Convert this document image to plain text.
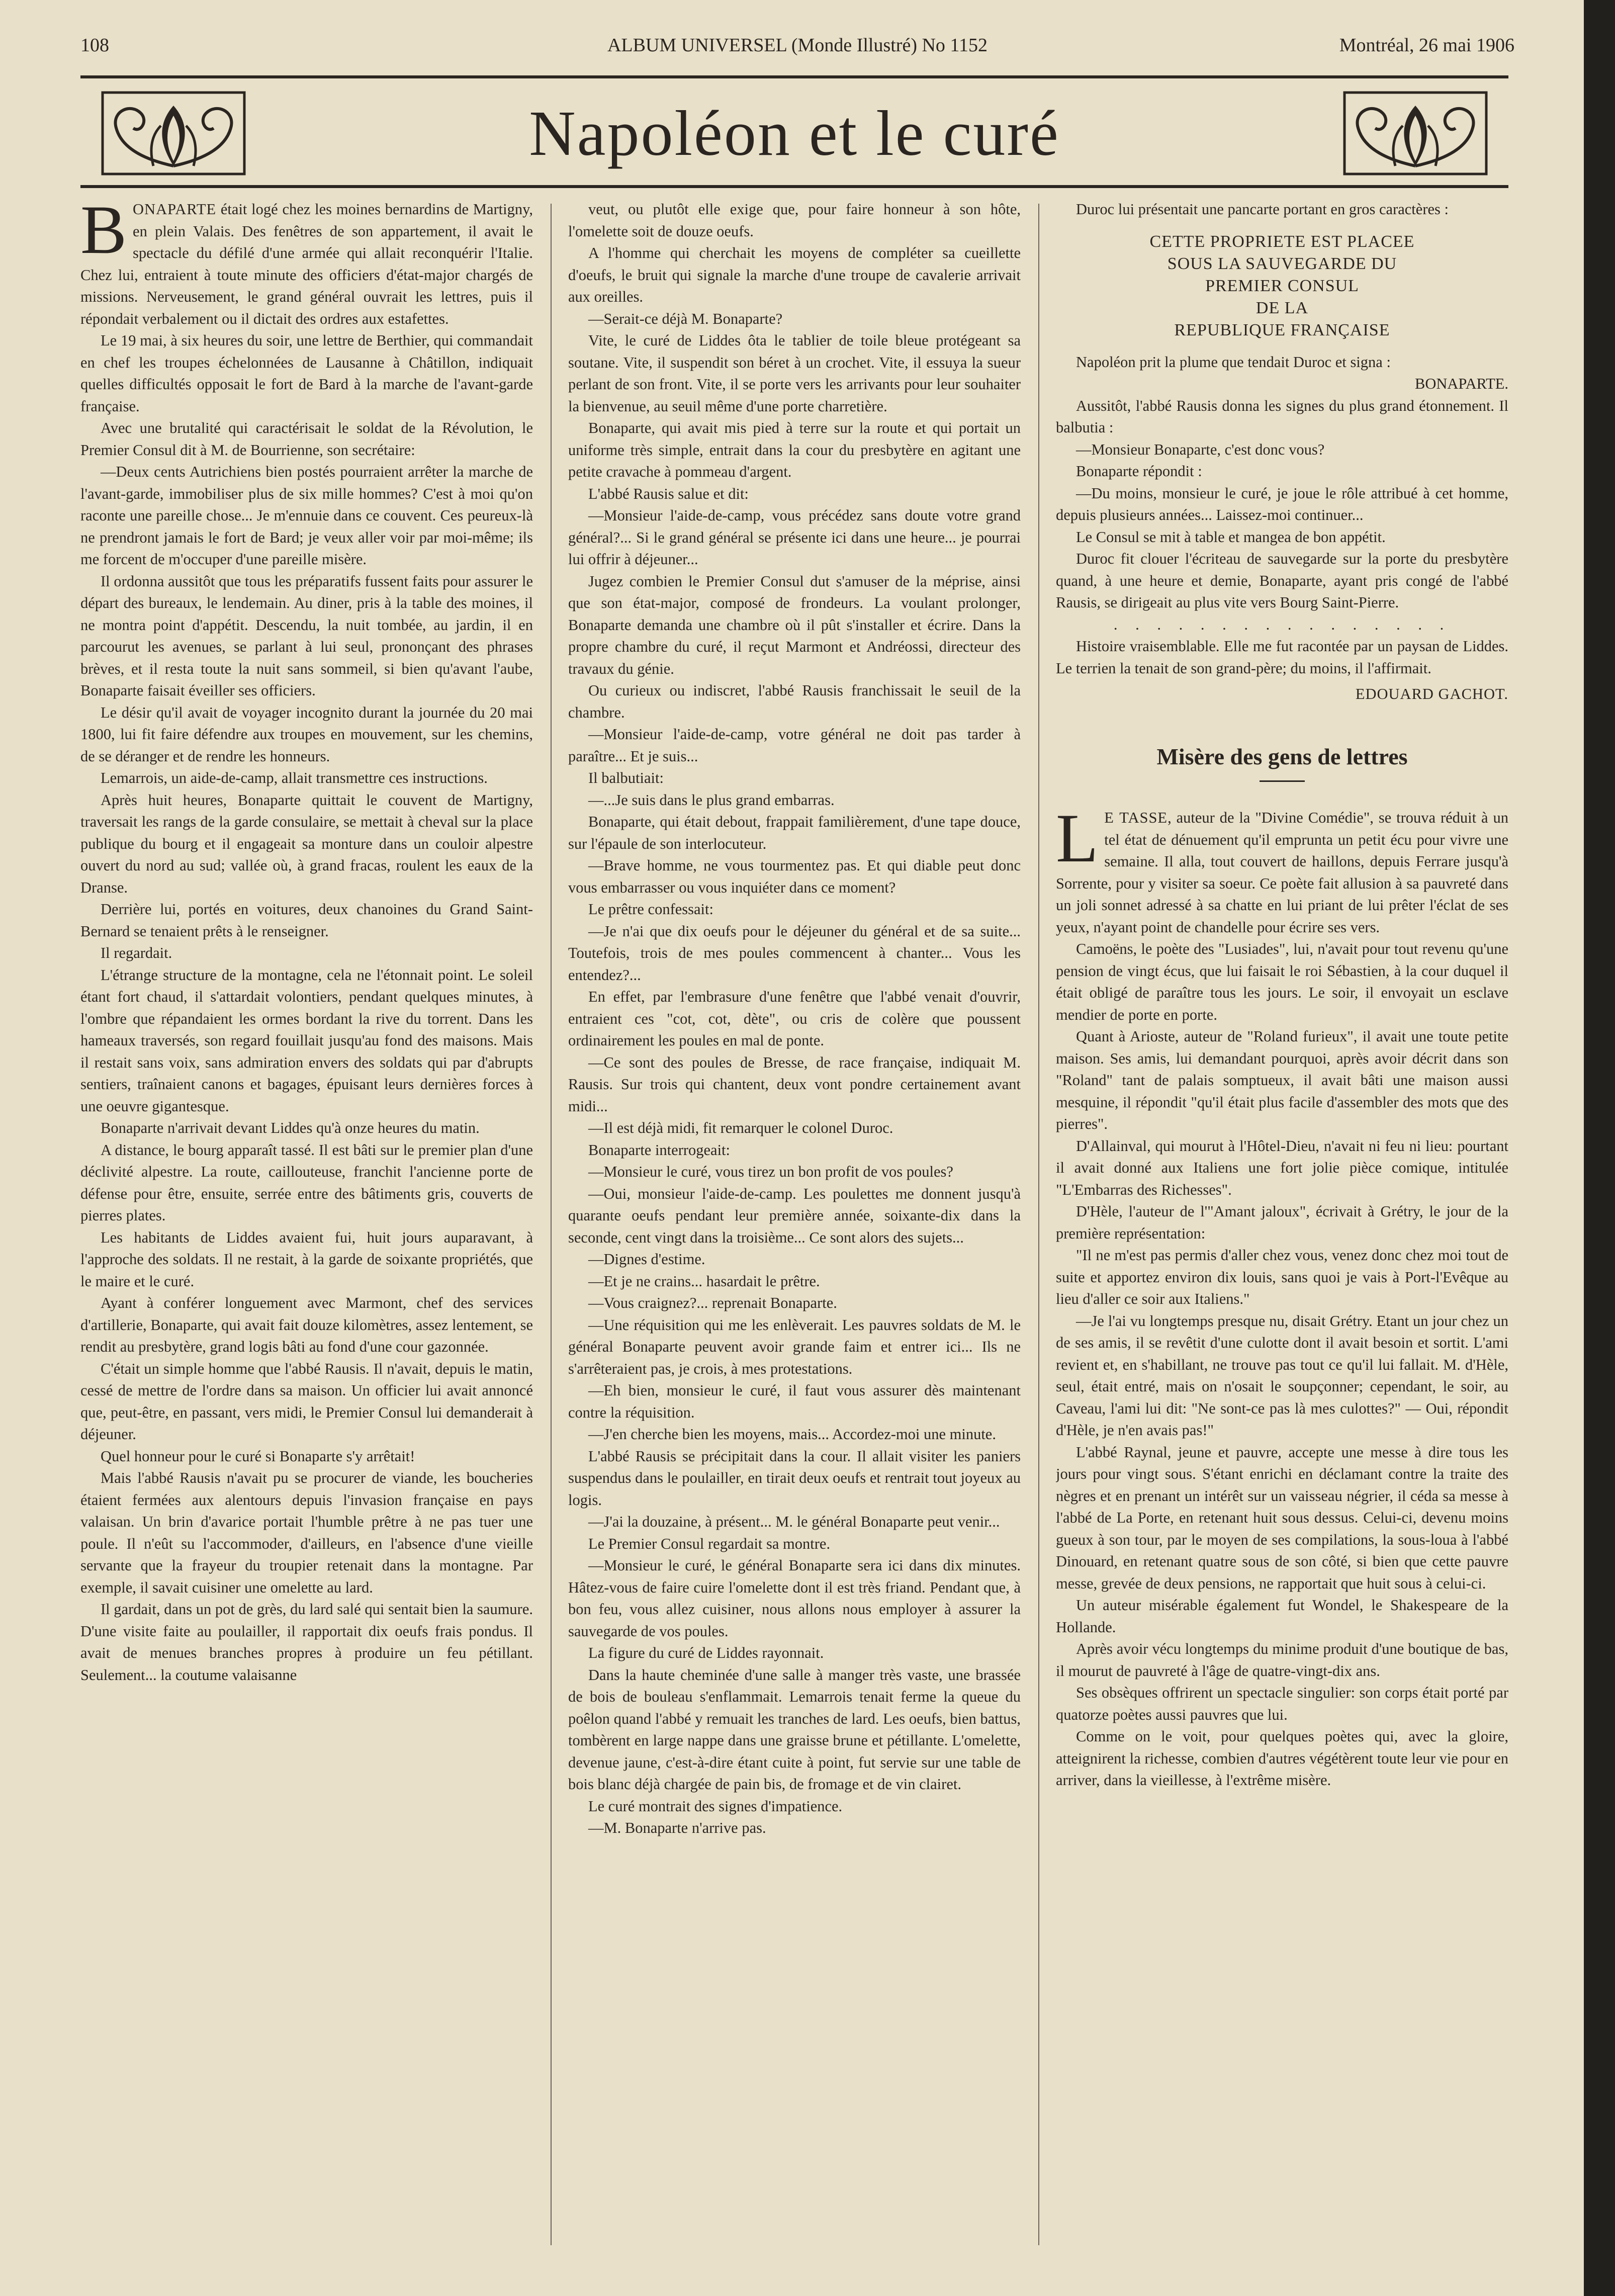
108	ALBUM UNIVERSEL (Monde Illustré) No 1152	Montréal, 26 mai 1906
Napoléon et le curé

BONAPARTE était logé chez les moines bernardins de Martigny, en plein Valais. Des fenêtres de son appartement, il avait le spectacle du défilé d'une armée qui allait reconquérir l'Italie. Chez lui, entraient à toute minute des officiers d'état-major chargés de missions. Nerveusement, le grand général ouvrait les lettres, puis il répondait verbalement ou il dictait des ordres aux estafettes.

Le 19 mai, à six heures du soir, une lettre de Berthier, qui commandait en chef les troupes échelonnées de Lausanne à Châtillon, indiquait quelles difficultés opposait le fort de Bard à la marche de l'avant-garde française.

Avec une brutalité qui caractérisait le soldat de la Révolution, le Premier Consul dit à M. de Bourrienne, son secrétaire:

—Deux cents Autrichiens bien postés pourraient arrêter la marche de l'avant-garde, immobiliser plus de six mille hommes? C'est à moi qu'on raconte une pareille chose... Je m'ennuie dans ce couvent. Ces peureux-là ne prendront jamais le fort de Bard; je veux aller voir par moi-même; ils me forcent de m'occuper d'une pareille misère.

Il ordonna aussitôt que tous les préparatifs fussent faits pour assurer le départ des bureaux, le lendemain. Au diner, pris à la table des moines, il ne montra point d'appétit. Descendu, la nuit tombée, au jardin, il en parcourut les avenues, se parlant à lui seul, prononçant des phrases brèves, et il resta toute la nuit sans sommeil, si bien qu'avant l'aube, Bonaparte faisait éveiller ses officiers.

Le désir qu'il avait de voyager incognito durant la journée du 20 mai 1800, lui fit faire défendre aux troupes en mouvement, sur les chemins, de se déranger et de rendre les honneurs.

Lemarrois, un aide-de-camp, allait transmettre ces instructions.

Après huit heures, Bonaparte quittait le couvent de Martigny, traversait les rangs de la garde consulaire, se mettait à cheval sur la place publique du bourg et il engageait sa monture dans un couloir alpestre ouvert du nord au sud; vallée où, à grand fracas, roulent les eaux de la Dranse.

Derrière lui, portés en voitures, deux chanoines du Grand Saint-Bernard se tenaient prêts à le renseigner.

Il regardait.

L'étrange structure de la montagne, cela ne l'étonnait point. Le soleil étant fort chaud, il s'attardait volontiers, pendant quelques minutes, à l'ombre que répandaient les ormes bordant la rive du torrent. Dans les hameaux traversés, son regard fouillait jusqu'au fond des maisons. Mais il restait sans voix, sans admiration envers des soldats qui par d'abrupts sentiers, traînaient canons et bagages, épuisant leurs dernières forces à une oeuvre gigantesque.

Bonaparte n'arrivait devant Liddes qu'à onze heures du matin.

A distance, le bourg apparaît tassé. Il est bâti sur le premier plan d'une déclivité alpestre. La route, caillouteuse, franchit l'ancienne porte de défense pour être, ensuite, serrée entre des bâtiments gris, couverts de pierres plates.

Les habitants de Liddes avaient fui, huit jours auparavant, à l'approche des soldats. Il ne restait, à la garde de soixante propriétés, que le maire et le curé.

Ayant à conférer longuement avec Marmont, chef des services d'artillerie, Bonaparte, qui avait fait douze kilomètres, assez lentement, se rendit au presbytère, grand logis bâti au fond d'une cour gazonnée.

C'était un simple homme que l'abbé Rausis. Il n'avait, depuis le matin, cessé de mettre de l'ordre dans sa maison. Un officier lui avait annoncé que, peut-être, en passant, vers midi, le Premier Consul lui demanderait à déjeuner.

Quel honneur pour le curé si Bonaparte s'y arrêtait!

Mais l'abbé Rausis n'avait pu se procurer de viande, les boucheries étaient fermées aux alentours depuis l'invasion française en pays valaisan. Un brin d'avarice portait l'humble prêtre à ne pas tuer une poule. Il n'eût su l'accommoder, d'ailleurs, en l'absence d'une vieille servante que la frayeur du troupier retenait dans la montagne. Par exemple, il savait cuisiner une omelette au lard.

Il gardait, dans un pot de grès, du lard salé qui sentait bien la saumure. D'une visite faite au poulailler, il rapportait dix oeufs frais pondus. Il avait de menues branches propres à produire un feu pétillant. Seulement... la coutume valaisanne

veut, ou plutôt elle exige que, pour faire honneur à son hôte, l'omelette soit de douze oeufs.

A l'homme qui cherchait les moyens de compléter sa cueillette d'oeufs, le bruit qui signale la marche d'une troupe de cavalerie arrivait aux oreilles.

—Serait-ce déjà M. Bonaparte?

Vite, le curé de Liddes ôta le tablier de toile bleue protégeant sa soutane. Vite, il suspendit son béret à un crochet. Vite, il essuya la sueur perlant de son front. Vite, il se porte vers les arrivants pour leur souhaiter la bienvenue, au seuil même d'une porte charretière.

Bonaparte, qui avait mis pied à terre sur la route et qui portait un uniforme très simple, entrait dans la cour du presbytère en agitant une petite cravache à pommeau d'argent.

L'abbé Rausis salue et dit:

—Monsieur l'aide-de-camp, vous précédez sans doute votre grand général?... Si le grand général se présente ici dans une heure... je pourrai lui offrir à déjeuner...

Jugez combien le Premier Consul dut s'amuser de la méprise, ainsi que son état-major, composé de frondeurs. La voulant prolonger, Bonaparte demanda une chambre où il pût s'installer et écrire. Dans la propre chambre du curé, il reçut Marmont et Andréossi, directeur des travaux du génie.

Ou curieux ou indiscret, l'abbé Rausis franchissait le seuil de la chambre.

—Monsieur l'aide-de-camp, votre général ne doit pas tarder à paraître... Et je suis...

Il balbutiait:

—...Je suis dans le plus grand embarras.

Bonaparte, qui était debout, frappait familièrement, d'une tape douce, sur l'épaule de son interlocuteur.

—Brave homme, ne vous tourmentez pas. Et qui diable peut donc vous embarrasser ou vous inquiéter dans ce moment?

Le prêtre confessait:

—Je n'ai que dix oeufs pour le déjeuner du général et de sa suite... Toutefois, trois de mes poules commencent à chanter... Vous les entendez?...

En effet, par l'embrasure d'une fenêtre que l'abbé venait d'ouvrir, entraient ces "cot, cot, dète", ou cris de colère que poussent ordinairement les poules en mal de ponte.

—Ce sont des poules de Bresse, de race française, indiquait M. Rausis. Sur trois qui chantent, deux vont pondre certainement avant midi...

—Il est déjà midi, fit remarquer le colonel Duroc.

Bonaparte interrogeait:

—Monsieur le curé, vous tirez un bon profit de vos poules?

—Oui, monsieur l'aide-de-camp. Les poulettes me donnent jusqu'à quarante oeufs pendant leur première année, soixante-dix dans la seconde, cent vingt dans la troisième... Ce sont alors des sujets...

—Dignes d'estime.

—Et je ne crains... hasardait le prêtre.

—Vous craignez?... reprenait Bonaparte.

—Une réquisition qui me les enlèverait. Les pauvres soldats de M. le général Bonaparte peuvent avoir grande faim et entrer ici... Ils ne s'arrêteraient pas, je crois, à mes protestations.

—Eh bien, monsieur le curé, il faut vous assurer dès maintenant contre la réquisition.

—J'en cherche bien les moyens, mais... Accordez-moi une minute.

L'abbé Rausis se précipitait dans la cour. Il allait visiter les paniers suspendus dans le poulailler, en tirait deux oeufs et rentrait tout joyeux au logis.

—J'ai la douzaine, à présent... M. le général Bonaparte peut venir...

Le Premier Consul regardait sa montre.

—Monsieur le curé, le général Bonaparte sera ici dans dix minutes. Hâtez-vous de faire cuire l'omelette dont il est très friand. Pendant que, à bon feu, vous allez cuisiner, nous allons nous employer à assurer la sauvegarde de vos poules.

La figure du curé de Liddes rayonnait.

Dans la haute cheminée d'une salle à manger très vaste, une brassée de bois de bouleau s'enflammait. Lemarrois tenait ferme la queue du poêlon quand l'abbé y remuait les tranches de lard. Les oeufs, bien battus, tombèrent en large nappe dans une graisse brune et pétillante. L'omelette, devenue jaune, c'est-à-dire étant cuite à point, fut servie sur une table de bois blanc déjà chargée de pain bis, de fromage et de vin clairet.

Le curé montrait des signes d'impatience.

—M. Bonaparte n'arrive pas.

Duroc lui présentait une pancarte portant en gros caractères :

CETTE PROPRIETE EST PLACEE
SOUS LA SAUVEGARDE DU
PREMIER CONSUL
DE LA
REPUBLIQUE FRANÇAISE

Napoléon prit la plume que tendait Duroc et signa :

BONAPARTE.

Aussitôt, l'abbé Rausis donna les signes du plus grand étonnement. Il balbutia :

—Monsieur Bonaparte, c'est donc vous?

Bonaparte répondit :

—Du moins, monsieur le curé, je joue le rôle attribué à cet homme, depuis plusieurs années... Laissez-moi continuer...

Le Consul se mit à table et mangea de bon appétit.

Duroc fit clouer l'écriteau de sauvegarde sur la porte du presbytère quand, à une heure et demie, Bonaparte, ayant pris congé de l'abbé Rausis, se dirigeait au plus vite vers Bourg Saint-Pierre.

. . . . . . . . . . . . . . . .

Histoire vraisemblable. Elle me fut racontée par un paysan de Liddes. Le terrien la tenait de son grand-père; du moins, il l'affirmait.

EDOUARD GACHOT.

Misère des gens de lettres

L E TASSE, auteur de la "Divine Comédie", se trouva réduit à un tel état de dénuement qu'il emprunta un petit écu pour vivre une semaine. Il alla, tout couvert de haillons, depuis Ferrare jusqu'à Sorrente, pour y visiter sa soeur. Ce poète fait allusion à sa pauvreté dans un joli sonnet adressé à sa chatte en lui priant de lui prêter l'éclat de ses yeux, n'ayant point de chandelle pour écrire ses vers.

Camoëns, le poète des "Lusiades", lui, n'avait pour tout revenu qu'une pension de vingt écus, que lui faisait le roi Sébastien, à la cour duquel il était obligé de paraître tous les jours. Le soir, il envoyait un esclave mendier de porte en porte.

Quant à Arioste, auteur de "Roland furieux", il avait une toute petite maison. Ses amis, lui demandant pourquoi, après avoir décrit dans son "Roland" tant de palais somptueux, il avait bâti une maison aussi mesquine, il répondit "qu'il était plus facile d'assembler des mots que des pierres".

D'Allainval, qui mourut à l'Hôtel-Dieu, n'avait ni feu ni lieu: pourtant il avait donné aux Italiens une fort jolie pièce comique, intitulée "L'Embarras des Richesses".

D'Hèle, l'auteur de l'"Amant jaloux", écrivait à Grétry, le jour de la première représentation:

"Il ne m'est pas permis d'aller chez vous, venez donc chez moi tout de suite et apportez environ dix louis, sans quoi je vais à Port-l'Evêque au lieu d'aller ce soir aux Italiens."

—Je l'ai vu longtemps presque nu, disait Grétry. Etant un jour chez un de ses amis, il se revêtit d'une culotte dont il avait besoin et sortit. L'ami revient et, en s'habillant, ne trouve pas tout ce qu'il lui fallait. M. d'Hèle, seul, était entré, mais on n'osait le soupçonner; cependant, le soir, au Caveau, l'ami lui dit: "Ne sont-ce pas là mes culottes?" — Oui, répondit d'Hèle, je n'en avais pas!"

L'abbé Raynal, jeune et pauvre, accepte une messe à dire tous les jours pour vingt sous. S'étant enrichi en déclamant contre la traite des nègres et en prenant un intérêt sur un vaisseau négrier, il céda sa messe à l'abbé de La Porte, en retenant huit sous dessus. Celui-ci, devenu moins gueux à son tour, par le moyen de ses compilations, la sous-loua à l'abbé Dinouard, en retenant quatre sous de son côté, si bien que cette pauvre messe, grevée de deux pensions, ne rapportait que huit sous à celui-ci.

Un auteur misérable également fut Wondel, le Shakespeare de la Hollande.

Après avoir vécu longtemps du minime produit d'une boutique de bas, il mourut de pauvreté à l'âge de quatre-vingt-dix ans.

Ses obsèques offrirent un spectacle singulier: son corps était porté par quatorze poètes aussi pauvres que lui.

Comme on le voit, pour quelques poètes qui, avec la gloire, atteignirent la richesse, combien d'autres végétèrent toute leur vie pour en arriver, dans la vieillesse, à l'extrême misère.
